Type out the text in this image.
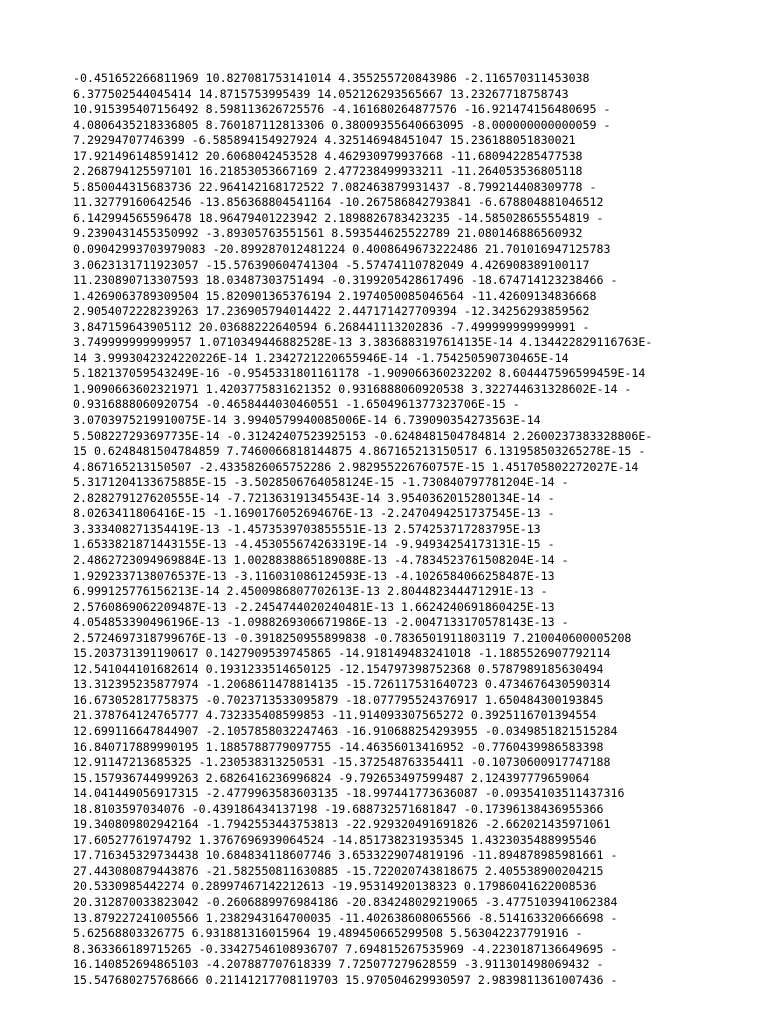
-0.451652266811969 10.827081753141014 4.355255720843986 -2.116570311453038
6.377502544045414 14.8715753995439 14.052126293565667 13.23267718758743
10.915395407156492 8.598113626725576 -4.161680264877576 -16.921474156480695 -
4.0806435218336805 8.760187112813306 0.38009355640663095 -8.000000000000059 -
7.29294707746399 -6.585894154927924 4.325146948451047 15.236188051830021
17.921496148591412 20.6068042453528 4.462930979937668 -11.680942285477538
2.268794125597101 16.21853053667169 2.477238499933211 -11.264053536805118
5.850044315683736 22.964142168172522 7.082463879931437 -8.799214408309778 -
11.32779160642546 -13.856368804541164 -10.267586842793841 -6.678804881046512
6.142994565596478 18.96479401223942 2.1898826783423235 -14.585028655554819 -
9.2390431455350992 -3.89305763551561 8.593544625522789 21.080146886560932
0.09042993703979083 -20.899287012481224 0.4008649673222486 21.701016947125783
3.0623131711923057 -15.576390604741304 -5.57474110782049 4.426908389100117
11.230890713307593 18.03487303751494 -0.3199205428617496 -18.674714123238466 -
1.4269063789309504 15.820901365376194 2.1974050085046564 -11.42609134836668
2.9054072228239263 17.236905794014422 2.447171427709394 -12.34256293859562
3.847159643905112 20.03688222640594 6.268441113202836 -7.499999999999991 -
3.749999999999957 1.0710349446882528E-13 3.3836883197614135E-14 4.134422829116763E-
14 3.9993042324220226E-14 1.2342721220655946E-14 -1.754250590730465E-14
5.182137059543249E-16 -0.9545331801161178 -1.909066360232202 8.604447596599459E-14
1.9090663602321971 1.4203775831621352 0.9316888060920538 3.322744631328602E-14 -
0.9316888060920754 -0.4658444030460551 -1.6504961377323706E-15 -
3.0703975219910075E-14 3.9940579940085006E-14 6.739090354273563E-14
5.508227293697735E-14 -0.31242407523925153 -0.6248481504784814 2.2600237383328806E-
15 0.6248481504784859 7.7460066818144875 4.867165213150517 6.131958503265278E-15 -
4.867165213150507 -2.4335826065752286 2.982955226760757E-15 1.451705802272027E-14
5.3171204133675885E-15 -3.5028506764058124E-15 -1.730840797781204E-14 -
2.828279127620555E-14 -7.721363191345543E-14 3.9540362015280134E-14 -
8.0263411806416E-15 -1.1690176052694676E-13 -2.2470494251737545E-13 -
3.333408271354419E-13 -1.4573539703855551E-13 2.574253717283795E-13
1.6533821871443155E-13 -4.453055674263319E-14 -9.94934254173131E-15 -
2.4862723094969884E-13 1.0028838865189088E-13 -4.7834523761508204E-14 -
1.9292337138076537E-13 -3.116031086124593E-13 -4.1026584066258487E-13
6.999125776156213E-14 2.4500986807702613E-13 2.804482344471291E-13 -
2.5760869062209487E-13 -2.2454744020240481E-13 1.6624240691860425E-13
4.054853390496196E-13 -1.0988269306671986E-13 -2.0047133170578143E-13 -
2.5724697318799676E-13 -0.3918250955899838 -0.7836501911803119 7.210040600005208
15.203731391190617 0.1427909539745865 -14.918149483241018 -1.1885526907792114
12.541044101682614 0.1931233514650125 -12.154797398752368 0.5787989185630494
13.312395235877974 -1.2068611478814135 -15.726117531640723 0.4734676430590314
16.673052817758375 -0.7023713533095879 -18.077795524376917 1.650484300193845
21.378764124765777 4.732335408599853 -11.914093307565272 0.3925116701394554
12.699116647844907 -2.1057858032247463 -16.910688254293955 -0.0349851821515284
16.840717889990195 1.1885788779097755 -14.46356013416952 -0.7760439986583398
12.91147213685325 -1.230538313250531 -15.372548763354411 -0.10730600917747188
15.157936744999263 2.6826416236996824 -9.792653497599487 2.124397779659064
14.041449056917315 -2.4779963583603135 -18.997441773636087 -0.09354103511437316
18.8103597034076 -0.439186434137198 -19.688732571681847 -0.17396138436955366
19.340809802942164 -1.7942553443753813 -22.929320491691826 -2.662021435971061
17.60527761974792 1.3767696939064524 -14.851738231935345 1.4323035488995546
17.716345329734438 10.684834118607746 3.6533229074819196 -11.894878985981661 -
27.443080879443876 -21.582550811630885 -15.722020743818675 2.405538900204215
20.5330985442274 0.28997467142212613 -19.95314920138323 0.17986041622008536
20.312870033823042 -0.2606889976984186 -20.834248029219065 -3.4775103941062384
13.879227241005566 1.2382943164700035 -11.402638608065566 -8.514163320666698 -
5.62568803326775 6.931881316015964 19.489450665299508 5.563042237791916 -
8.363366189715265 -0.33427546108936707 7.694815267535969 -4.2230187136649695 -
16.140852694865103 -4.207887707618339 7.725077279628559 -3.911301498069432 -
15.547680275768666 0.21141217708119703 15.970504629930597 2.9839811361007436 -
